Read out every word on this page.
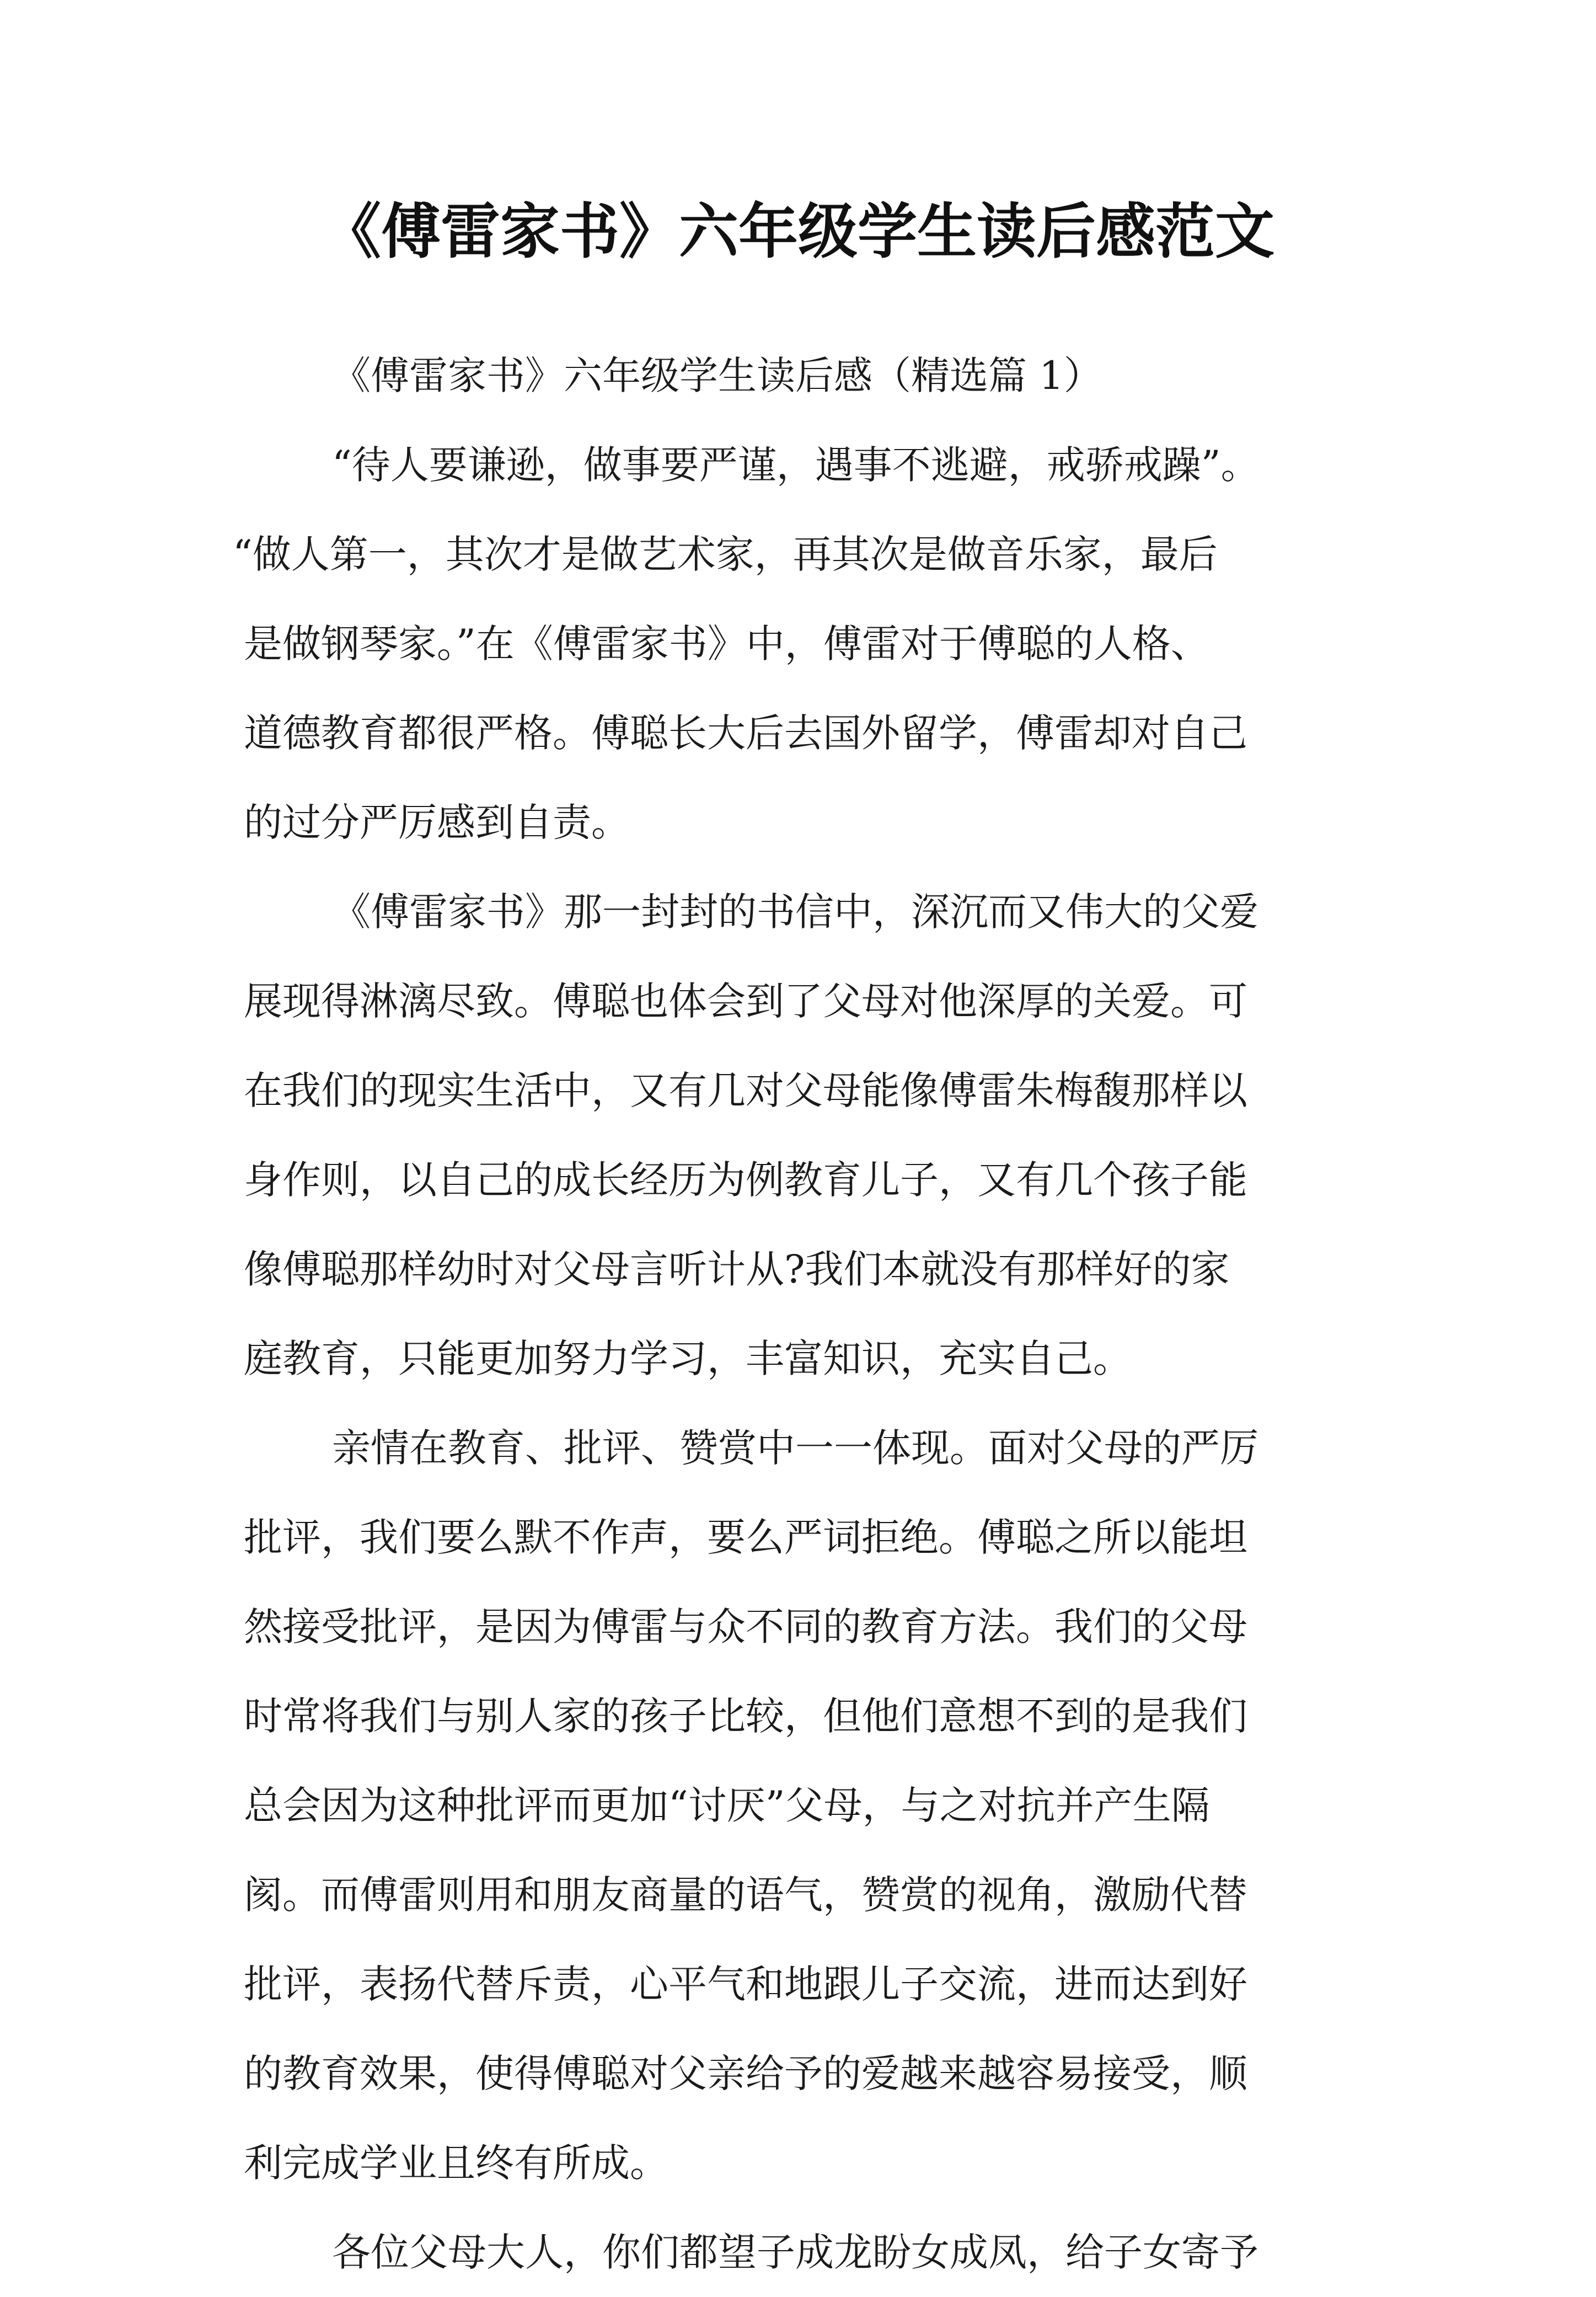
《傅雷家书》六年级学生读后感范文
《傅雷家书》六年级学生读后感（精选篇 1）
“待人要谦逊，做事要严谨，遇事不逃避，戒骄戒躁”。
“做人第一，其次才是做艺术家，再其次是做音乐家，最后
是做钢琴家。”在《傅雷家书》中，傅雷对于傅聪的人格、
道德教育都很严格。傅聪长大后去国外留学，傅雷却对自己
的过分严厉感到自责。
《傅雷家书》那一封封的书信中，深沉而又伟大的父爱
展现得淋漓尽致。傅聪也体会到了父母对他深厚的关爱。可
在我们的现实生活中，又有几对父母能像傅雷朱梅馥那样以
身作则，以自己的成长经历为例教育儿子，又有几个孩子能
像傅聪那样幼时对父母言听计从?我们本就没有那样好的家
庭教育，只能更加努力学习，丰富知识，充实自己。
亲情在教育、批评、赞赏中一一体现。面对父母的严厉
批评，我们要么默不作声，要么严词拒绝。傅聪之所以能坦
然接受批评，是因为傅雷与众不同的教育方法。我们的父母
时常将我们与别人家的孩子比较，但他们意想不到的是我们
总会因为这种批评而更加“讨厌”父母，与之对抗并产生隔
阂。而傅雷则用和朋友商量的语气，赞赏的视角，激励代替
批评，表扬代替斥责，心平气和地跟儿子交流，进而达到好
的教育效果，使得傅聪对父亲给予的爱越来越容易接受，顺
利完成学业且终有所成。
各位父母大人，你们都望子成龙盼女成凤，给子女寄予
